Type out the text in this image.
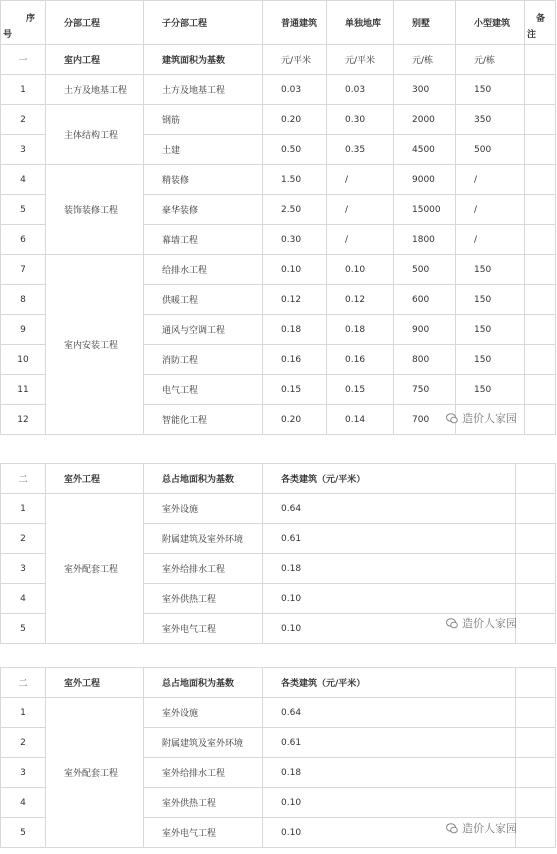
序
号	分部工程	子分部工程	普通建筑	单独地库	别墅	小型建筑	备
注

一	室内工程	建筑面积为基数	元/平米	元/平米	元/栋	元/栋	
1	土方及地基工程	土方及地基工程	0.03	0.03	300	150	
2	主体结构工程	钢筋	0.20	0.30	2000	350	
3		土建	0.50	0.35	4500	500	
4	装饰装修工程	精装修	1.50	/	9000	/	
5		豪华装修	2.50	/	15000	/	
6		幕墙工程	0.30	/	1800	/	
7	室内安装工程	给排水工程	0.10	0.10	500	150	
8		供暖工程	0.12	0.12	600	150	
9		通风与空调工程	0.18	0.18	900	150	
10		消防工程	0.16	0.16	800	150	
11		电气工程	0.15	0.15	750	150	
12		智能化工程	0.20	0.14	700			造价人家园
二	室外工程	总占地面积为基数	各类建筑（元/平米）	
1	室外配套工程	室外设施	0.64	
2		附属建筑及室外环境	0.61	
3		室外给排水工程	0.18	
4		室外供热工程	0.10	
5		室外电气工程	0.10		造价人家园
二	室外工程	总占地面积为基数	各类建筑（元/平米）	
1	室外配套工程	室外设施	0.64	
2		附属建筑及室外环境	0.61	
3		室外给排水工程	0.18	
4		室外供热工程	0.10	
5		室外电气工程	0.10		造价人家园
